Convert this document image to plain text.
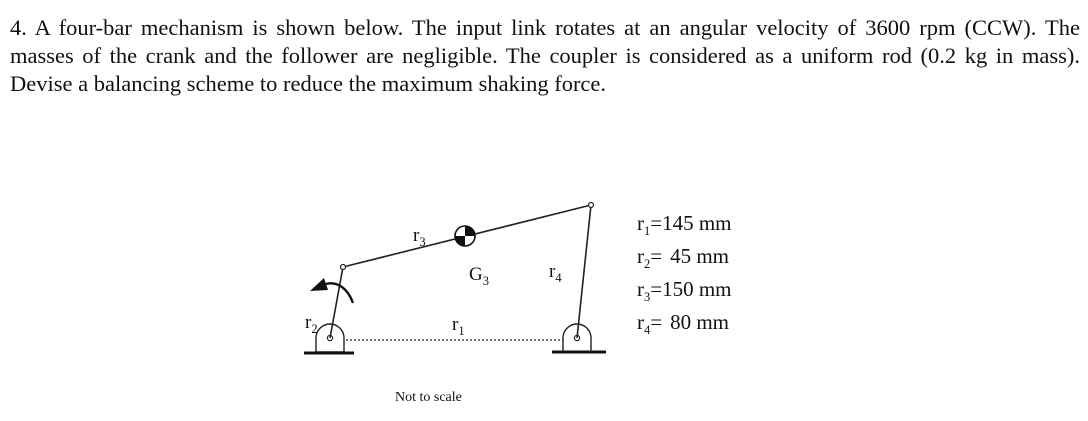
4. A four-bar mechanism is shown below. The input link rotates at an angular velocity of 3600 rpm (CCW). The masses of the crank and the follower are negligible. The coupler is considered as a uniform rod (0.2 kg in mass). Devise a balancing scheme to reduce the maximum shaking force.
$r_2$
$r_3$
$r_4$
$r_1$
$G_3$
Not to scale
$r_1=145$ mm
$r_2= 45$ mm
$r_3=150$ mm
$r_4= 80$ mm
